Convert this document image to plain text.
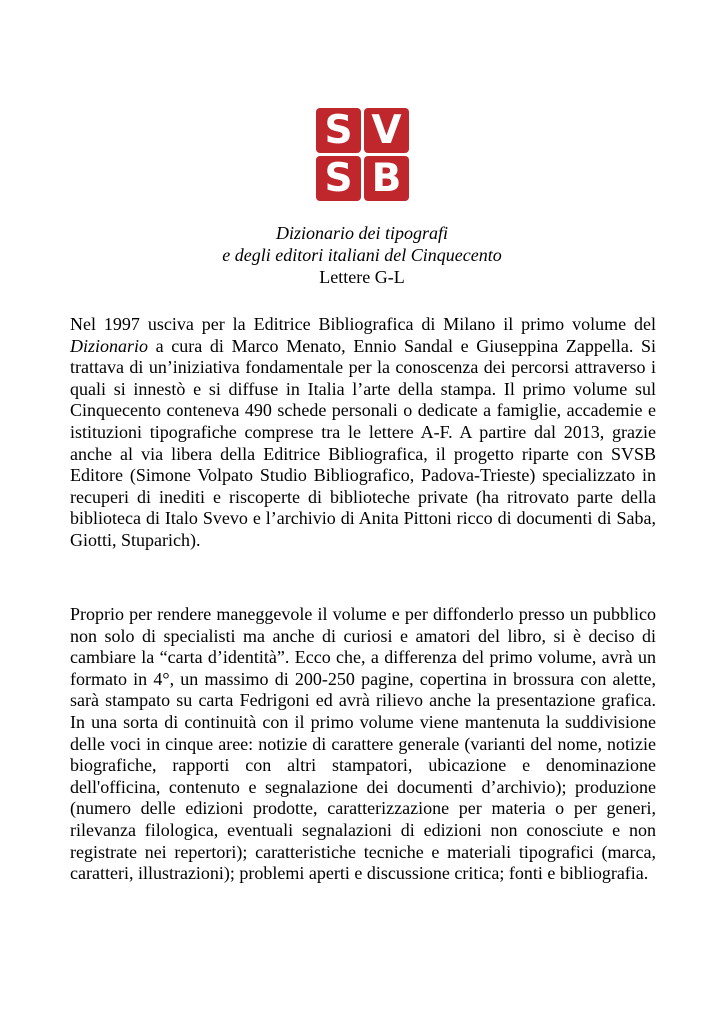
S V
S B
Dizionario dei tipografi
e degli editori italiani del Cinquecento
Lettere G-L

Nel 1997 usciva per la Editrice Bibliografica di Milano il primo volume del Dizionario a cura di Marco Menato, Ennio Sandal e Giuseppina Zappella. Si trattava di un’iniziativa fondamentale per la conoscenza dei percorsi attraverso i quali si innestò e si diffuse in Italia l’arte della stampa. Il primo volume sul Cinquecento conteneva 490 schede personali o dedicate a famiglie, accademie e istituzioni tipografiche comprese tra le lettere A-F. A partire dal 2013, grazie anche al via libera della Editrice Bibliografica, il progetto riparte con SVSB Editore (Simone Volpato Studio Bibliografico, Padova-Trieste) specializzato in recuperi di inediti e riscoperte di biblioteche private (ha ritrovato parte della biblioteca di Italo Svevo e l’archivio di Anita Pittoni ricco di documenti di Saba, Giotti, Stuparich).

Proprio per rendere maneggevole il volume e per diffonderlo presso un pubblico non solo di specialisti ma anche di curiosi e amatori del libro, si è deciso di cambiare la “carta d’identità”. Ecco che, a differenza del primo volume, avrà un formato in 4°, un massimo di 200-250 pagine, copertina in brossura con alette, sarà stampato su carta Fedrigoni ed avrà rilievo anche la presentazione grafica. In una sorta di continuità con il primo volume viene mantenuta la suddivisione delle voci in cinque aree: notizie di carattere generale (varianti del nome, notizie biografiche, rapporti con altri stampatori, ubicazione e denominazione dell'officina, contenuto e segnalazione dei documenti d’archivio); produzione (numero delle edizioni prodotte, caratterizzazione per materia o per generi, rilevanza filologica, eventuali segnalazioni di edizioni non conosciute e non registrate nei repertori); caratteristiche tecniche e materiali tipografici (marca, caratteri, illustrazioni); problemi aperti e discussione critica; fonti e bibliografia.
